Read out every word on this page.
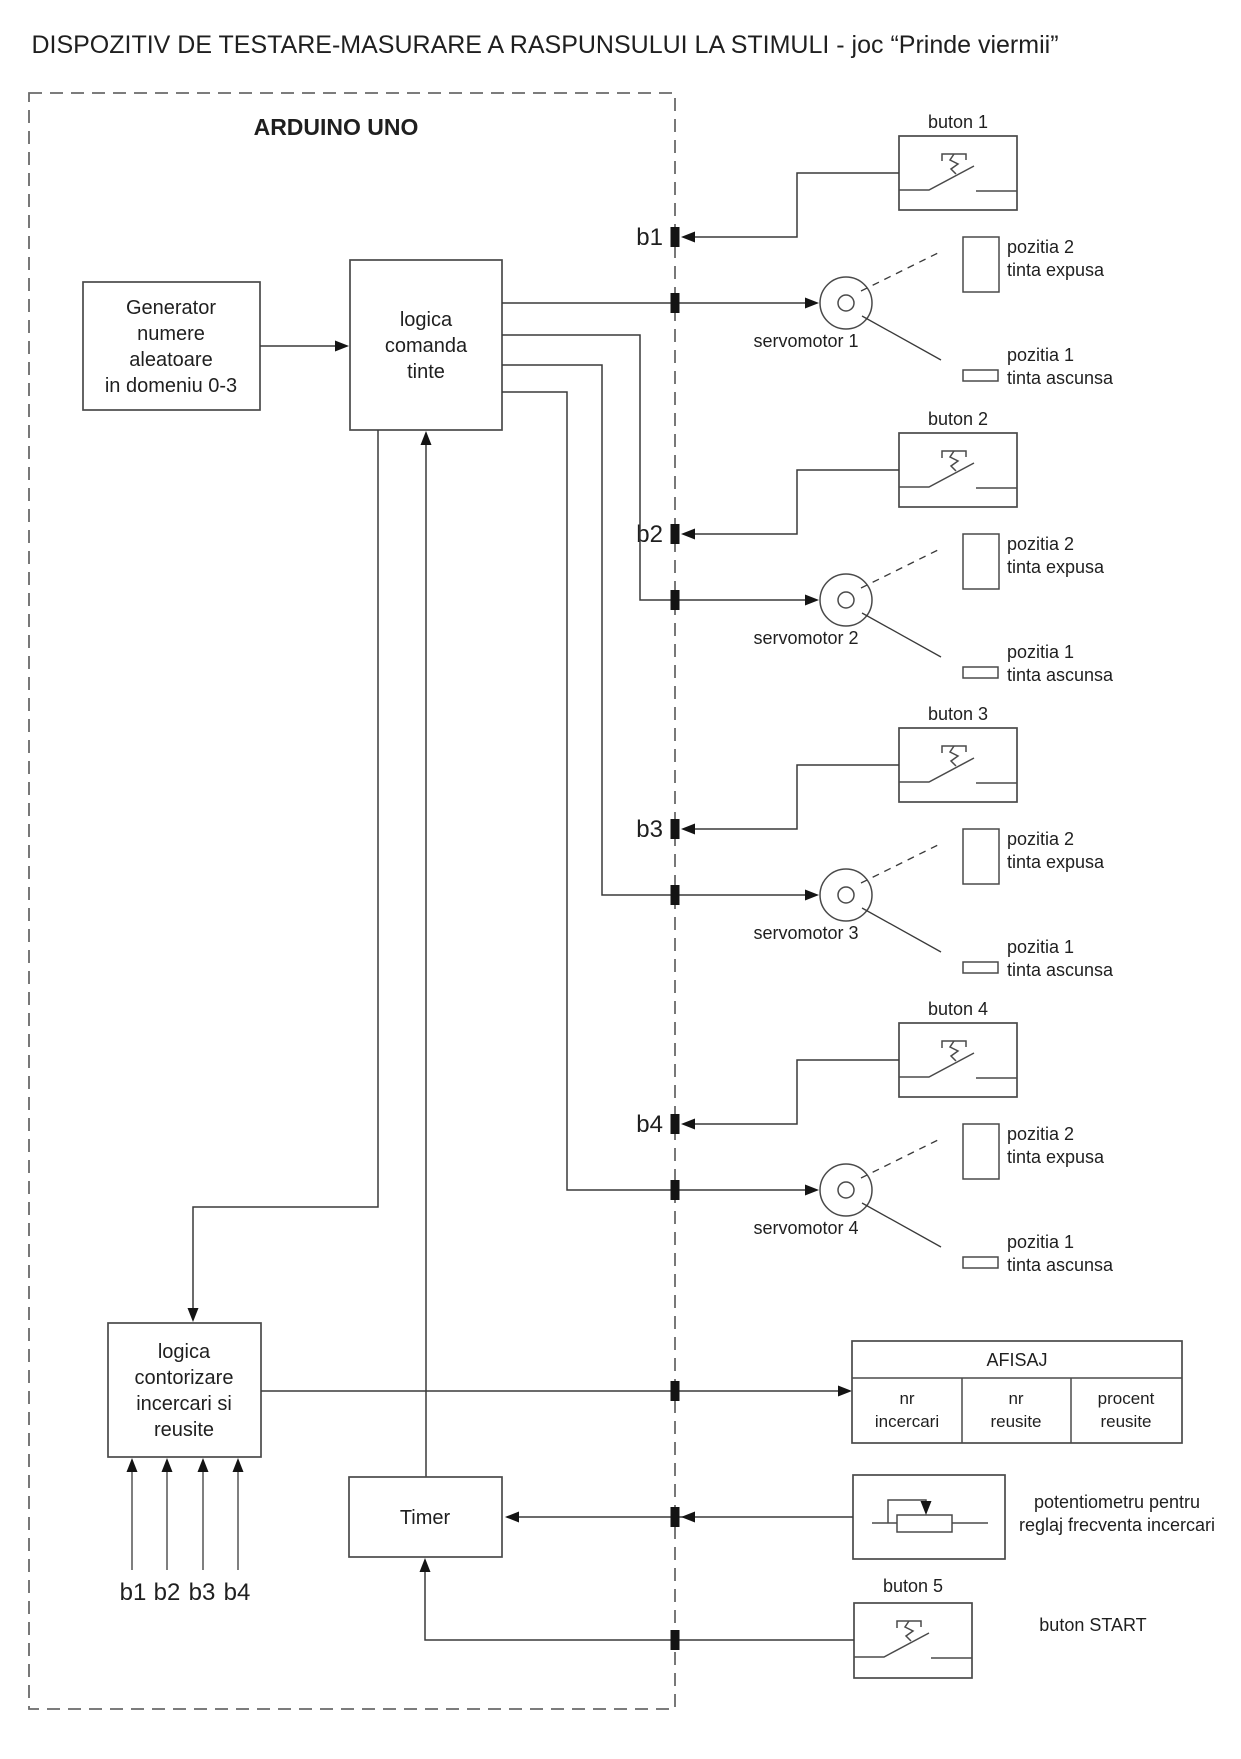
DISPOZITIV DE TESTARE-MASURARE A RASPUNSULUI LA STIMULI - joc “Prinde viermii”
ARDUINO UNO
Generator
numere
aleatoare
in domeniu 0-3
logica
comanda
tinte
buton 1
b1
servomotor 1
pozitia 2
tinta expusa
pozitia 1
tinta ascunsa
buton 2
b2
servomotor 2
pozitia 2
tinta expusa
pozitia 1
tinta ascunsa
buton 3
b3
servomotor 3
pozitia 2
tinta expusa
pozitia 1
tinta ascunsa
buton 4
b4
servomotor 4
pozitia 2
tinta expusa
pozitia 1
tinta ascunsa
logica
contorizare
incercari si
reusite
b1 b2 b3 b4
Timer
AFISAJ
nr
incercari
nr
reusite
procent
reusite
potentiometru pentru
reglaj frecventa incercari
buton 5
buton START
